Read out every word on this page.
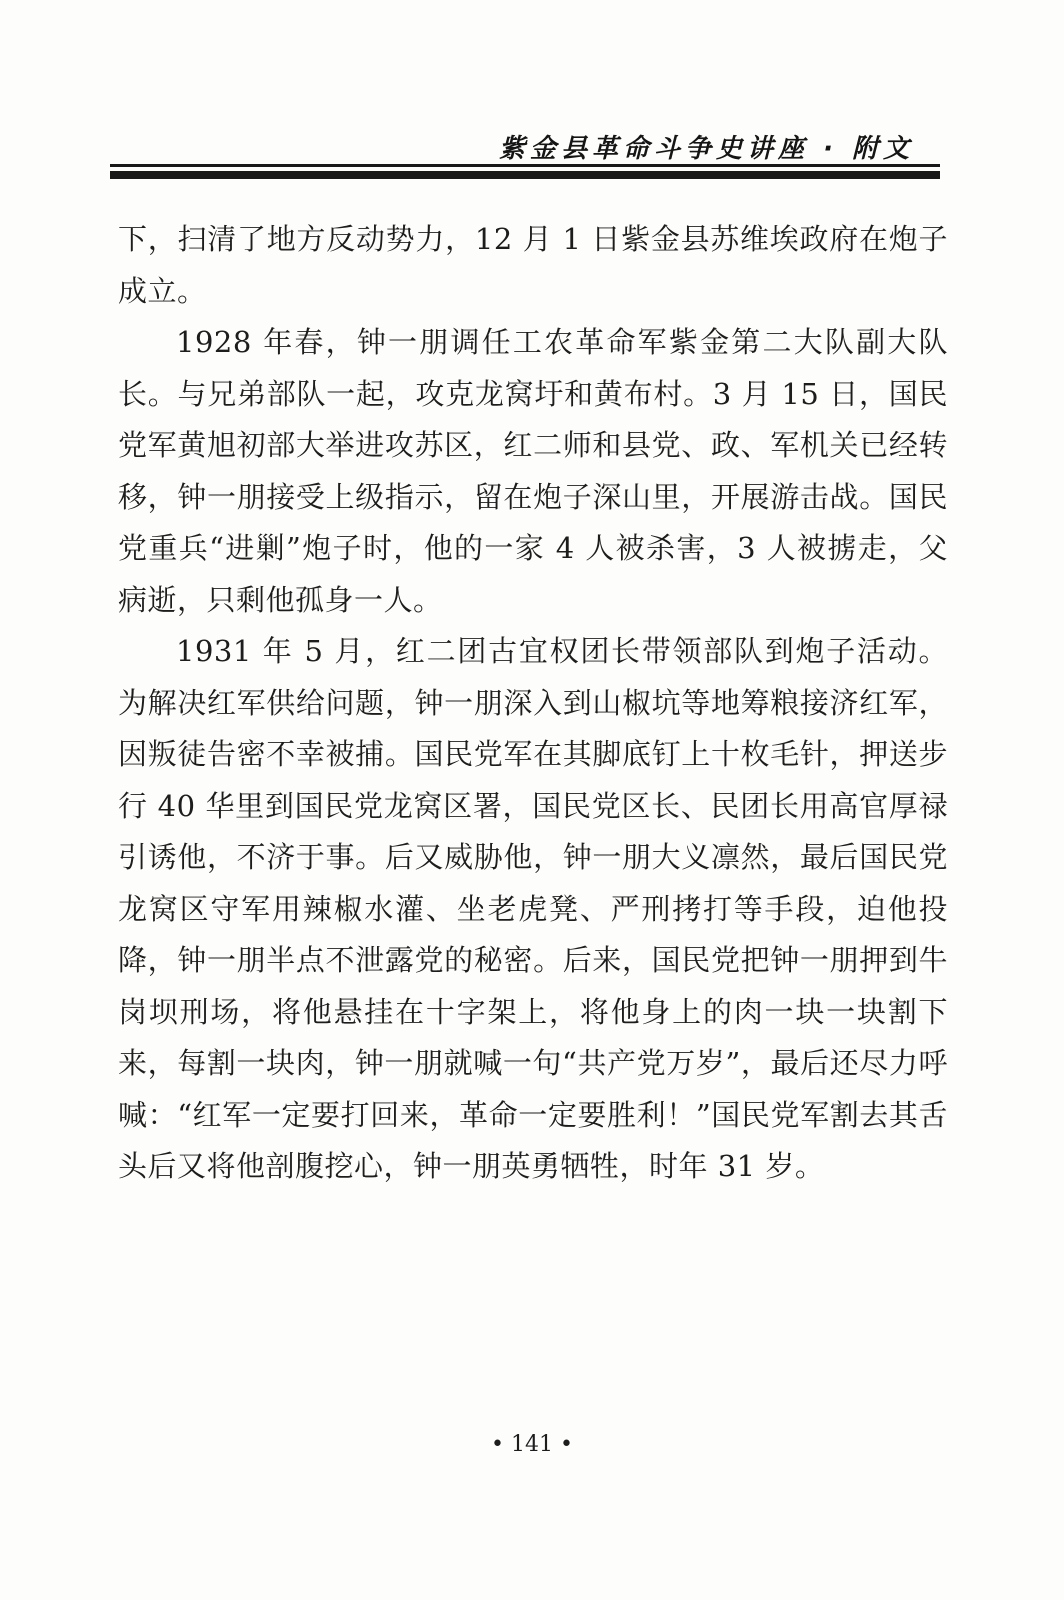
紫金县革命斗争史讲座 · 附文

下，扫清了地方反动势力，12 月 1 日紫金县苏维埃政府在炮子成立。

1928 年春，钟一朋调任工农革命军紫金第二大队副大队长。与兄弟部队一起，攻克龙窝圩和黄布村。3 月 15 日，国民党军黄旭初部大举进攻苏区，红二师和县党、政、军机关已经转移，钟一朋接受上级指示，留在炮子深山里，开展游击战。国民党重兵“进剿”炮子时，他的一家 4 人被杀害，3 人被掳走，父病逝，只剩他孤身一人。

1931 年 5 月，红二团古宜权团长带领部队到炮子活动。为解决红军供给问题，钟一朋深入到山椒坑等地筹粮接济红军，因叛徒告密不幸被捕。国民党军在其脚底钉上十枚毛针，押送步行 40 华里到国民党龙窝区署，国民党区长、民团长用高官厚禄引诱他，不济于事。后又威胁他，钟一朋大义凛然，最后国民党龙窝区守军用辣椒水灌、坐老虎凳、严刑拷打等手段，迫他投降，钟一朋半点不泄露党的秘密。后来，国民党把钟一朋押到牛岗坝刑场，将他悬挂在十字架上，将他身上的肉一块一块割下来，每割一块肉，钟一朋就喊一句“共产党万岁”，最后还尽力呼喊：“红军一定要打回来，革命一定要胜利！”国民党军割去其舌头后又将他剖腹挖心，钟一朋英勇牺牲，时年 31 岁。

• 141 •
